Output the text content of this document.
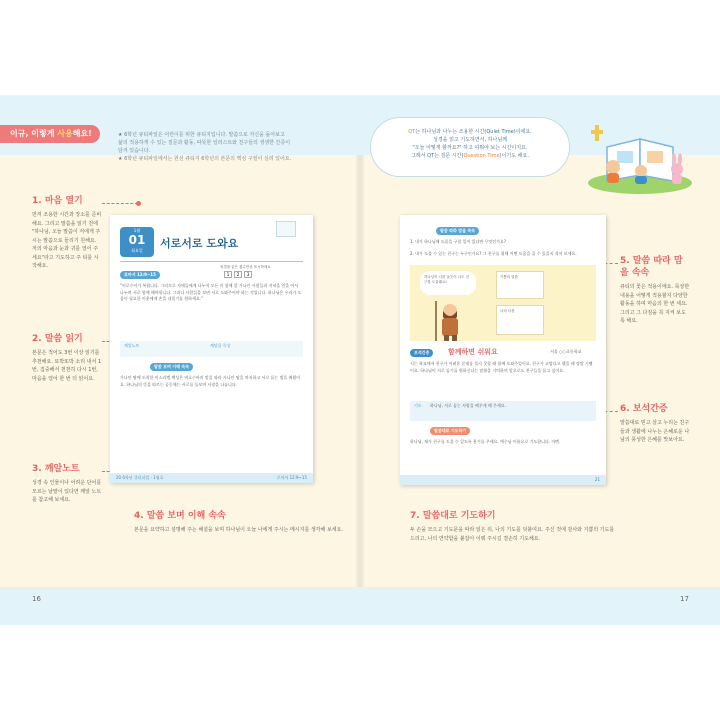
이규, 이렇게 사용해요!	★ 6학년 큐티파일은 어린이를 위한 큐티지입니다. 말씀으로 자신을 돌아보고
삶의 적용하게 수 있는 질문과 활동, 따뜻한 일러스트와 친구들의 생생한 간증이
담겨 있습니다.
★ 6학년 큐티파일에서는 원선 큐티지 6학년의 본문의 핵심 구절이 실려 있어요.
QT는 하나님과 나누는 조용한 시간(Quiet Time)이에요.
성경을 읽고 기도하면서, 하나님께
"오늘 어떻게 할까요?" 하고 여쭤야 보는 시간이지요.
그래서 QT는 질문 시간(Question Time)이기도 해요.
1. 마음 열기
먼저 조용한 시간과 장소를 준비해요. 그리고 말씀을 읽기 전에 "하나님, 오늘 말씀이 저에게 주시는 말씀으로 들리기 원해요. 저의 마음과 눈과 귀를 열어 주세요"라고 기도하고 주 티를 시작해요.
2. 말씀 읽기
본문은 적어도 3번 이상 읽기를 추천해요. 또박또박 소리 내서 1번, 집중해서 천천히 다시 1번, 마음을 열어 한 번 더 읽어요.
3. 깨알노트
성경 속 인물이나 어려운 단어를 모르는 낱말이 있다면 깨알 노트를 참고해 보세요.
5. 말씀 따라 맘을 속속
큐티의 꽃은 적용이에요. 묵상한 내용을 어떻게 적용할지 다양한 활동을 하며 마음의 한 번 세요. 그리고 그 다짐을 꼭 지켜 보도록 해요.
6. 보석간증
말씀대로 믿고 살고 누리는 친구들과 생활에 나누는 은혜로운 나님의 풍성한 은혜를 맛보아요.
4. 말씀 보며 이해 속속
본문을 요약하고 설명해 주는 해설을 보며 하나님이 오늘 나에게 주시는 메시지를 생각해 보세요.
7. 말씀대로 기도하기
두 손을 모으고 기도문을 따라 읽은 뒤, 나의 기도를 덧붙여요. 주신 것에 감사와 기쁨의 기도를 드리고, 나의 연약함을 붙잡아 이뤄 주시길 결손히 기도해요.
1월
01
화요일
서로서로 도와요
성경을 읽은 횟수만큼 표시하세요
1	2	3
로마서 12:9~15
"이로수이가 복됩니다. 그러므로 자매들에게 나누어 모든 이 함께 할 가나안 사람들과 저녁을 얻을 어서 나누며 서로 함께 해야합니다. 그러나 사람들을 보면 서로 도와주어야 하는 것입니다. 하나님은 우리가 도움이 필요한 이웃에게 손을 내밀기를 원하세요."
깨알노트	깨달음 묵상
말씀 보며 이해 속속
가나안 땅에 도착한 이스라엘 백성은 여호수아의 말을 따라 가나안 땅을 차지하고 서로 돕는 법을 배웠어요. 하나님의 뜻을 따르는 공동체는 서로를 돌보며 사랑을 나눕니다.
20 6학년 큐티파일 · 1월호	로마서 12:9~15
말씀 따라 맘을 속속
1. 내가 하나님께 도움을 구할 일이 있다면 무엇인가요?
2. 내가 도울 수 있는 친구는 누구인가요? 그 친구를 위해 어떤 도움을 줄 수 있을지 적어 보세요.
하나님이 나를 돕듯이 나도 친구를 도울래요!
기쁨의 말씀
나의 다짐
보석간증	함께하면 쉬워요	서울 ○○초등학교
저는 학교에서 친구가 어려운 문제를 풀지 못할 때 함께 도와주었어요. 친구가 고맙다고 했을 때 정말 기뻤어요. 하나님이 서로 돕기를 원하신다는 말씀을 기억하며 앞으로도 친구들을 돕고 싶어요.
기도 하나님, 서로 돕는 사랑을 배우게 해 주세요.
말씀대로 기도하기
하나님, 제가 친구를 도울 수 있도록 용기를 주세요. 예수님 이름으로 기도합니다. 아멘.
21
16	17
